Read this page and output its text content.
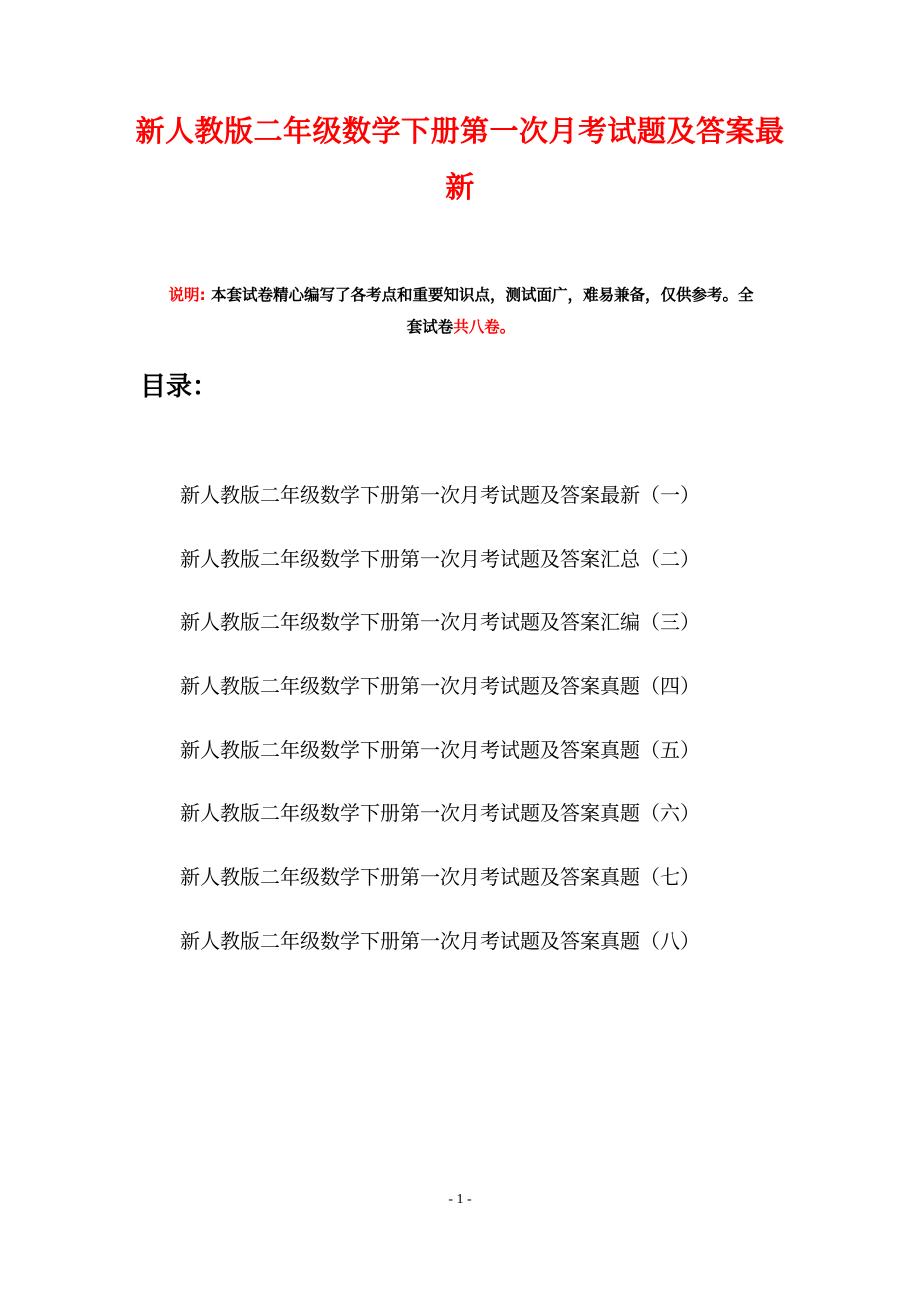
新人教版二年级数学下册第一次月考试题及答案最
新
说明: 本套试卷精心编写了各考点和重要知识点，测试面广，难易兼备，仅供参考。全
套试卷共八卷。
目录：
新人教版二年级数学下册第一次月考试题及答案最新（一）
新人教版二年级数学下册第一次月考试题及答案汇总（二）
新人教版二年级数学下册第一次月考试题及答案汇编（三）
新人教版二年级数学下册第一次月考试题及答案真题（四）
新人教版二年级数学下册第一次月考试题及答案真题（五）
新人教版二年级数学下册第一次月考试题及答案真题（六）
新人教版二年级数学下册第一次月考试题及答案真题（七）
新人教版二年级数学下册第一次月考试题及答案真题（八）
- 1 -
